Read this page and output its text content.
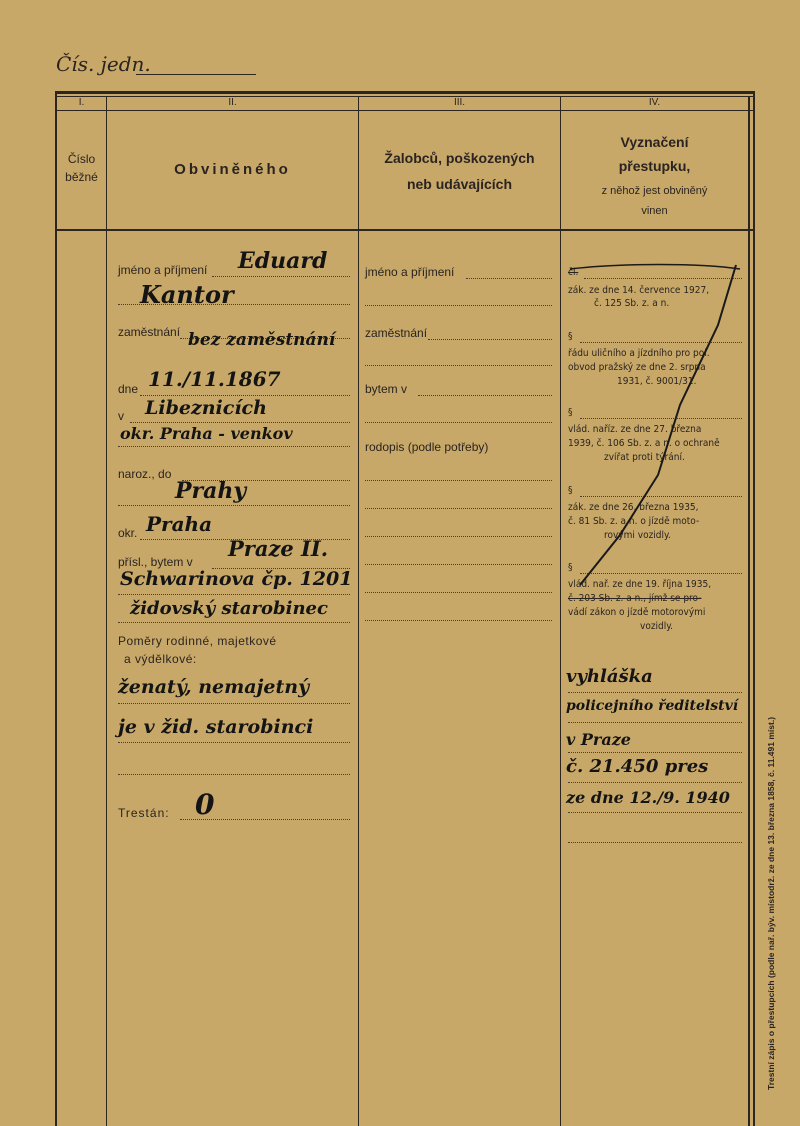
Čís. jedn.
I.	II.	III.	IV.
Číslo
běžné	Obviněného
Žalobců, poškozených
neb udávajících
Vyznačení
přestupku,
z něhož jest obviněný
vinen
jméno a příjmení Eduard
Kantor
zaměstnání bez zaměstnání
dne 11./11.1867
v Libeznicích
okr. Praha - venkov
naroz., do
Prahy
okr. Praha
přísl., bytem v
Praze II.
Schwarinova čp. 1201
židovský starobinec
Poměry rodinné, majetkové
a výdělkové:
ženatý, nemajetný
je v žid. starobinci
Trestán: 0
jméno a příjmení
zaměstnání
bytem v
rodopis (podle potřeby)
čl.
zák. ze dne 14. července 1927,
č. 125 Sb. z. a n.
§
řádu uličního a jízdního pro pol.
obvod pražský ze dne 2. srpna
1931, č. 9001/31.
§
vlád. naříz. ze dne 27. března
1939, č. 106 Sb. z. a n. o ochraně
zvířat proti týrání.
§
zák. ze dne 26. března 1935,
č. 81 Sb. z. a n. o jízdě moto-
rovými vozidly.
§
vlád. nař. ze dne 19. října 1935,
č. 203 Sb. z. a n., jímž se pro-
vádí zákon o jízdě motorovými
vozidly.
vyhláška
policejního ředitelství
v Praze
č. 21.450 pres
ze dne 12./9. 1940	Trestní zápis o přestupcích (podle nař. býv. místodrž. ze dne 13. března 1858, č. 11.491 míst.)
